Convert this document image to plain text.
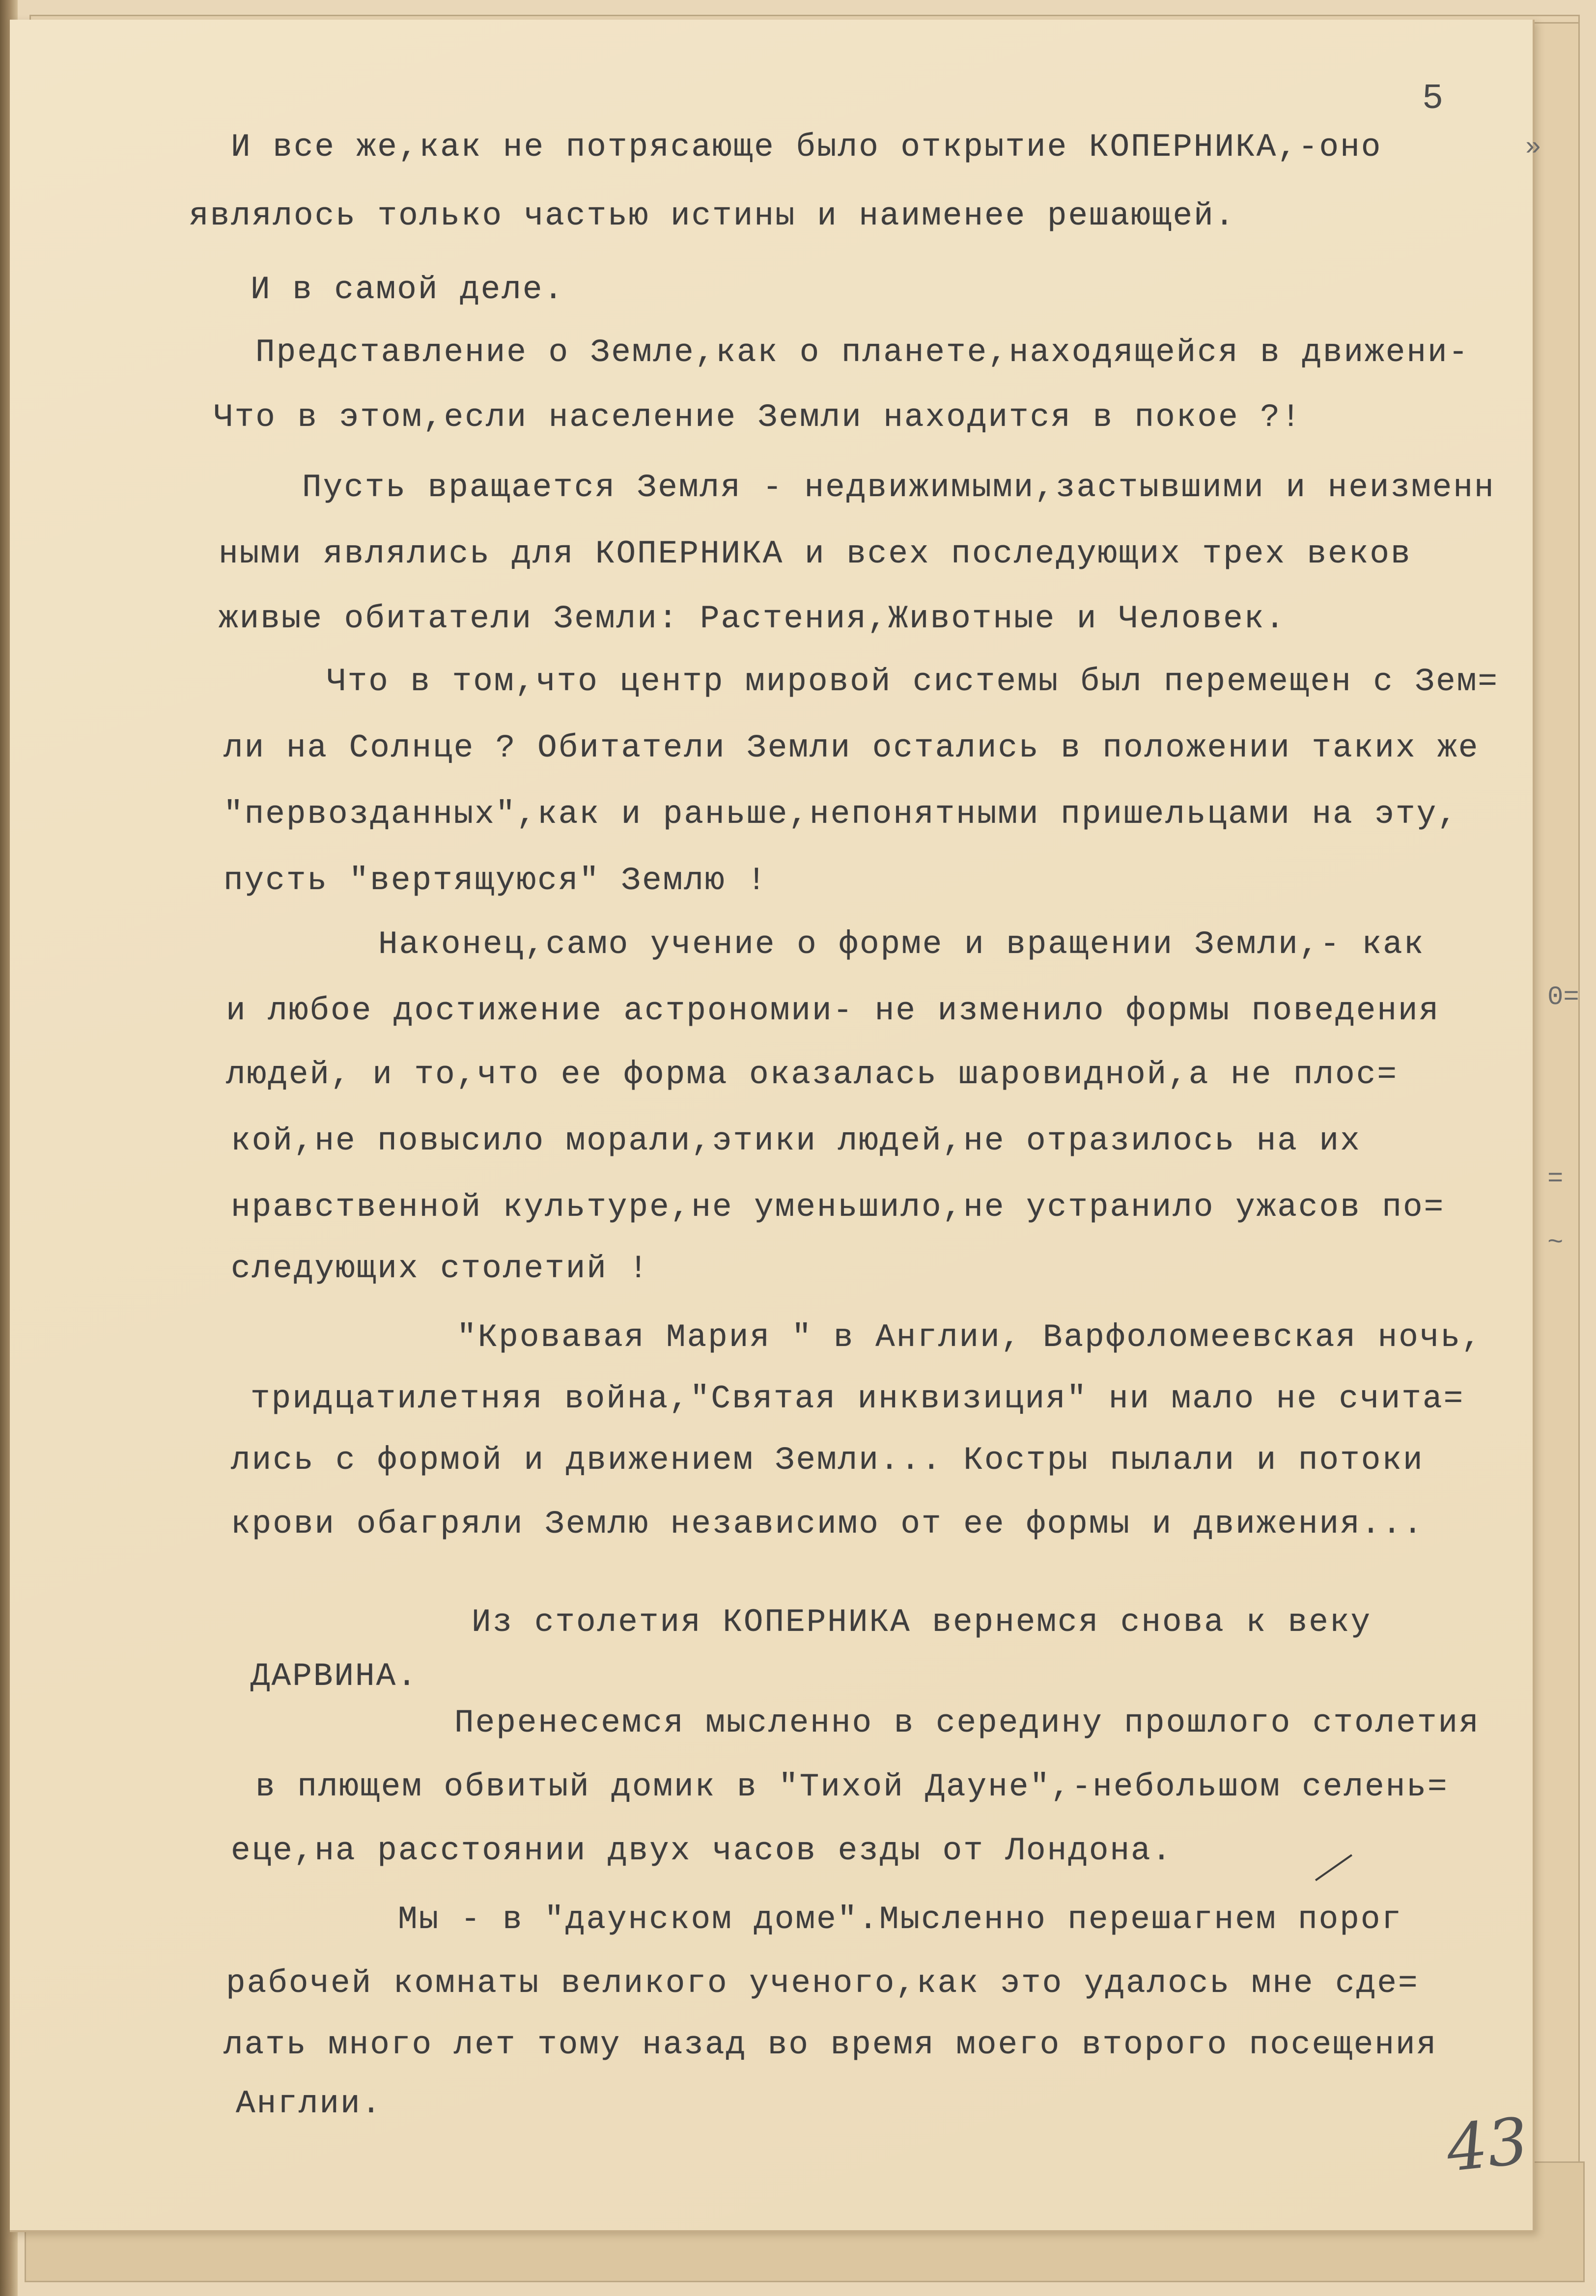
5
»
0=
=
~
И все же,как не потрясающе было открытие КОПЕРНИКА,-оно
являлось только частью истины и наименее решающей.
И в самой деле.
Представление о Земле,как о планете,находящейся в движени-
Что в этом,если население Земли находится в покое ?!
Пусть вращается Земля - недвижимыми,застывшими и неизменн
ными являлись для КОПЕРНИКА и всех последующих трех веков
живые обитатели Земли: Растения,Животные и Человек.
Что в том,что центр мировой системы был перемещен с Зем=
ли на Солнце ? Обитатели Земли остались в положении таких же
"первозданных",как и раньше,непонятными пришельцами на эту,
пусть "вертящуюся" Землю !
Наконец,само учение о форме и вращении Земли,- как
и любое достижение астрономии- не изменило формы поведения
людей, и то,что ее форма оказалась шаровидной,а не плос=
кой,не повысило морали,этики людей,не отразилось на их
нравственной культуре,не уменьшило,не устранило ужасов по=
следующих столетий !
"Кровавая Мария " в Англии, Варфоломеевская ночь,
тридцатилетняя война,"Святая инквизиция" ни мало не счита=
лись с формой и движением Земли... Костры пылали и потоки
крови обагряли Землю независимо от ее формы и движения...
Из столетия КОПЕРНИКА вернемся снова к веку
ДАРВИНА.
Перенесемся мысленно в середину прошлого столетия
в плющем обвитый домик в "Тихой Дауне",-небольшом селень=
еце,на расстоянии двух часов езды от Лондона.
Мы - в "даунском доме".Мысленно перешагнем порог
рабочей комнаты великого ученого,как это удалось мне сде=
лать много лет тому назад во время моего второго посещения
Англии.	43
